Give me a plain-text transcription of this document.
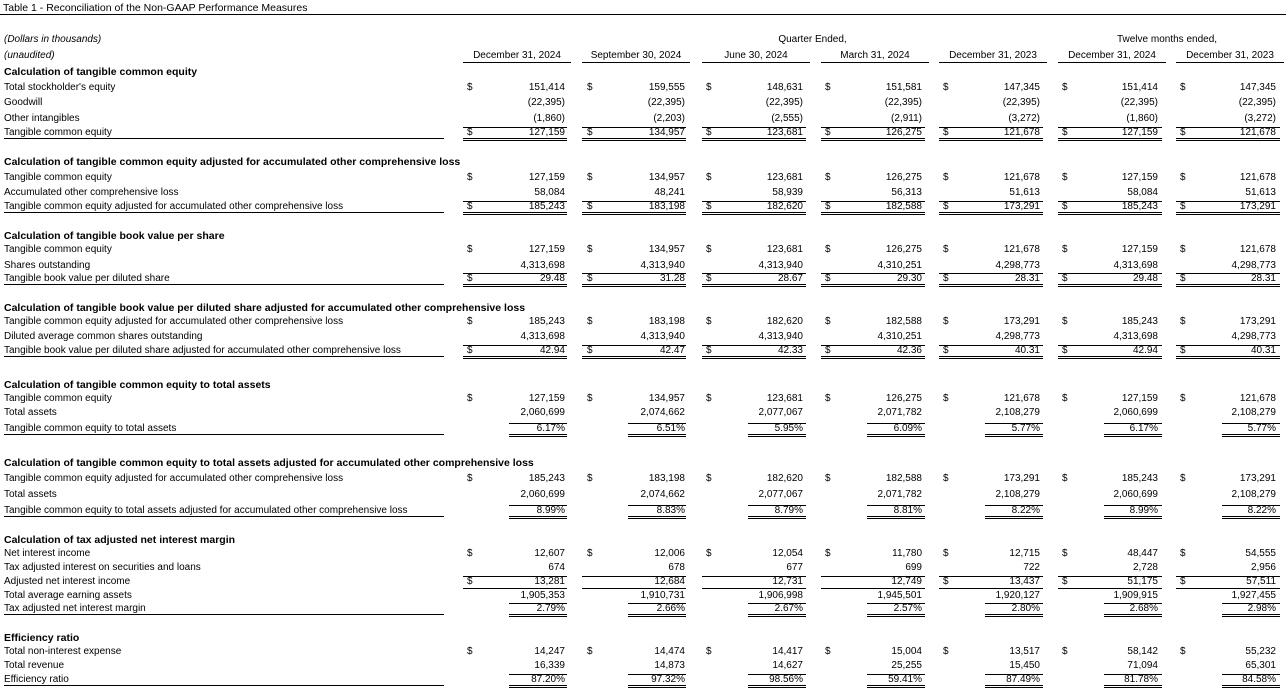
Table 1 - Reconciliation of the Non-GAAP Performance Measures
(Dollars in thousands)
(unaudited)
Quarter Ended,	Twelve months ended,
December 31, 2024	September 30, 2024	June 30, 2024	March 31, 2024	December 31, 2023	December 31, 2024	December 31, 2023
Calculation of tangible common equity
Total stockholder's equity	$	151,414 $	159,555 $	148,631 $	151,581 $	147,345 $	151,414 $	147,345
Goodwill	(22,395)	(22,395)	(22,395)	(22,395)	(22,395)	(22,395)	(22,395)
Other intangibles	(1,860)	(2,203)	(2,555)	(2,911)	(3,272)	(1,860)	(3,272)
Tangible common equity	$	127,159 $	134,957 $	123,681 $	126,275 $	121,678 $	127,159 $	121,678
Calculation of tangible common equity adjusted for accumulated other comprehensive loss
Tangible common equity	$	127,159 $	134,957 $	123,681 $	126,275 $	121,678 $	127,159 $	121,678
Accumulated other comprehensive loss	58,084	48,241	58,939	56,313	51,613	58,084	51,613
Tangible common equity adjusted for accumulated other comprehensive loss	$	185,243 $	183,198 $	182,620 $	182,588 $	173,291 $	185,243 $	173,291
Calculation of tangible book value per share
Tangible common equity	$	127,159 $	134,957 $	123,681 $	126,275 $	121,678 $	127,159 $	121,678
Shares outstanding	4,313,698	4,313,940	4,313,940	4,310,251	4,298,773	4,313,698	4,298,773
Tangible book value per diluted share	$	29.48 $	31.28 $	28.67 $	29.30 $	28.31 $	29.48 $	28.31
Calculation of tangible book value per diluted share adjusted for accumulated other comprehensive loss
Tangible common equity adjusted for accumulated other comprehensive loss	$	185,243 $	183,198 $	182,620 $	182,588 $	173,291 $	185,243 $	173,291
Diluted average common shares outstanding	4,313,698	4,313,940	4,313,940	4,310,251	4,298,773	4,313,698	4,298,773
Tangible book value per diluted share adjusted for accumulated other comprehensive loss	$	42.94 $	42.47 $	42.33 $	42.36 $	40.31 $	42.94 $	40.31
Calculation of tangible common equity to total assets
Tangible common equity	$	127,159 $	134,957 $	123,681 $	126,275 $	121,678 $	127,159 $	121,678
Total assets	2,060,699	2,074,662	2,077,067	2,071,782	2,108,279	2,060,699	2,108,279
Tangible common equity to total assets	6.17%	6.51%	5.95%	6.09%	5.77%	6.17%	5.77%
Calculation of tangible common equity to total assets adjusted for accumulated other comprehensive loss
Tangible common equity adjusted for accumulated other comprehensive loss	$	185,243 $	183,198 $	182,620 $	182,588 $	173,291 $	185,243 $	173,291
Total assets	2,060,699	2,074,662	2,077,067	2,071,782	2,108,279	2,060,699	2,108,279
Tangible common equity to total assets adjusted for accumulated other comprehensive loss	8.99%	8.83%	8.79%	8.81%	8.22%	8.99%	8.22%
Calculation of tax adjusted net interest margin
Net interest income	$	12,607 $	12,006 $	12,054 $	11,780 $	12,715 $	48,447 $	54,555
Tax adjusted interest on securities and loans	674	678	677	699	722	2,728	2,956
Adjusted net interest income	$	13,281	12,684	12,731	12,749 $	13,437 $	51,175 $	57,511
Total average earning assets	1,905,353	1,910,731	1,906,998	1,945,501	1,920,127	1,909,915	1,927,455
Tax adjusted net interest margin	2.79%	2.66%	2.67%	2.57%	2.80%	2.68%	2.98%
Efficiency ratio
Total non-interest expense	$	14,247 $	14,474 $	14,417 $	15,004 $	13,517 $	58,142 $	55,232
Total revenue	16,339	14,873	14,627	25,255	15,450	71,094	65,301
Efficiency ratio	87.20%	97.32%	98.56%	59.41%	87.49%	81.78%	84.58%
